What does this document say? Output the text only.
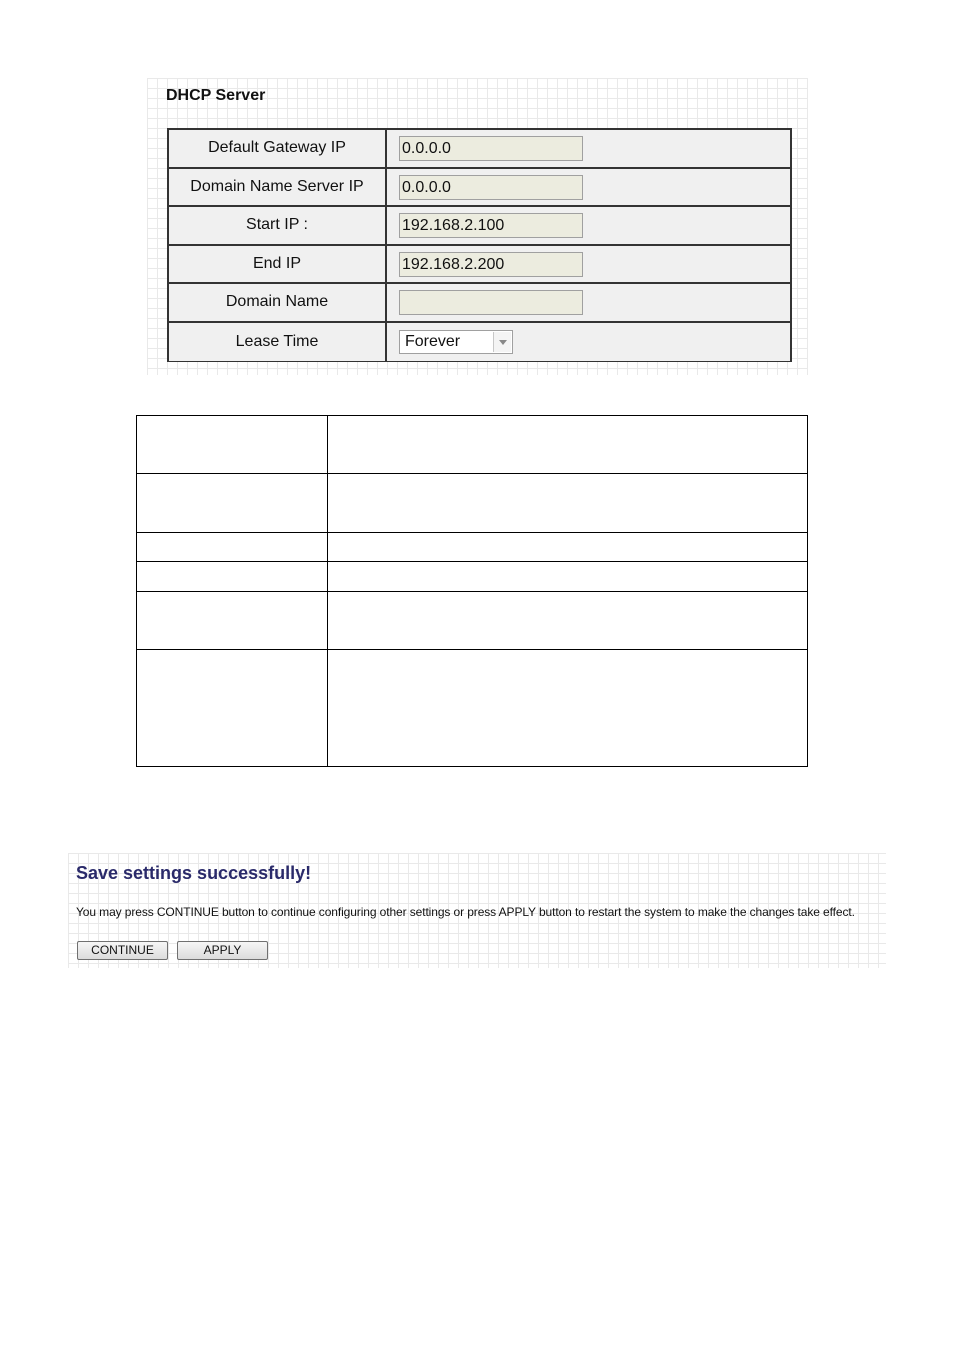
DHCP Server
Default Gateway IP	0.0.0.0
Domain Name Server IP	0.0.0.0
Start IP :	192.168.2.100
End IP	192.168.2.200
Domain Name
Lease Time	Forever
Save settings successfully!
You may press CONTINUE button to continue configuring other settings or press APPLY button to restart the system to make the changes take effect.
CONTINUE	APPLY
